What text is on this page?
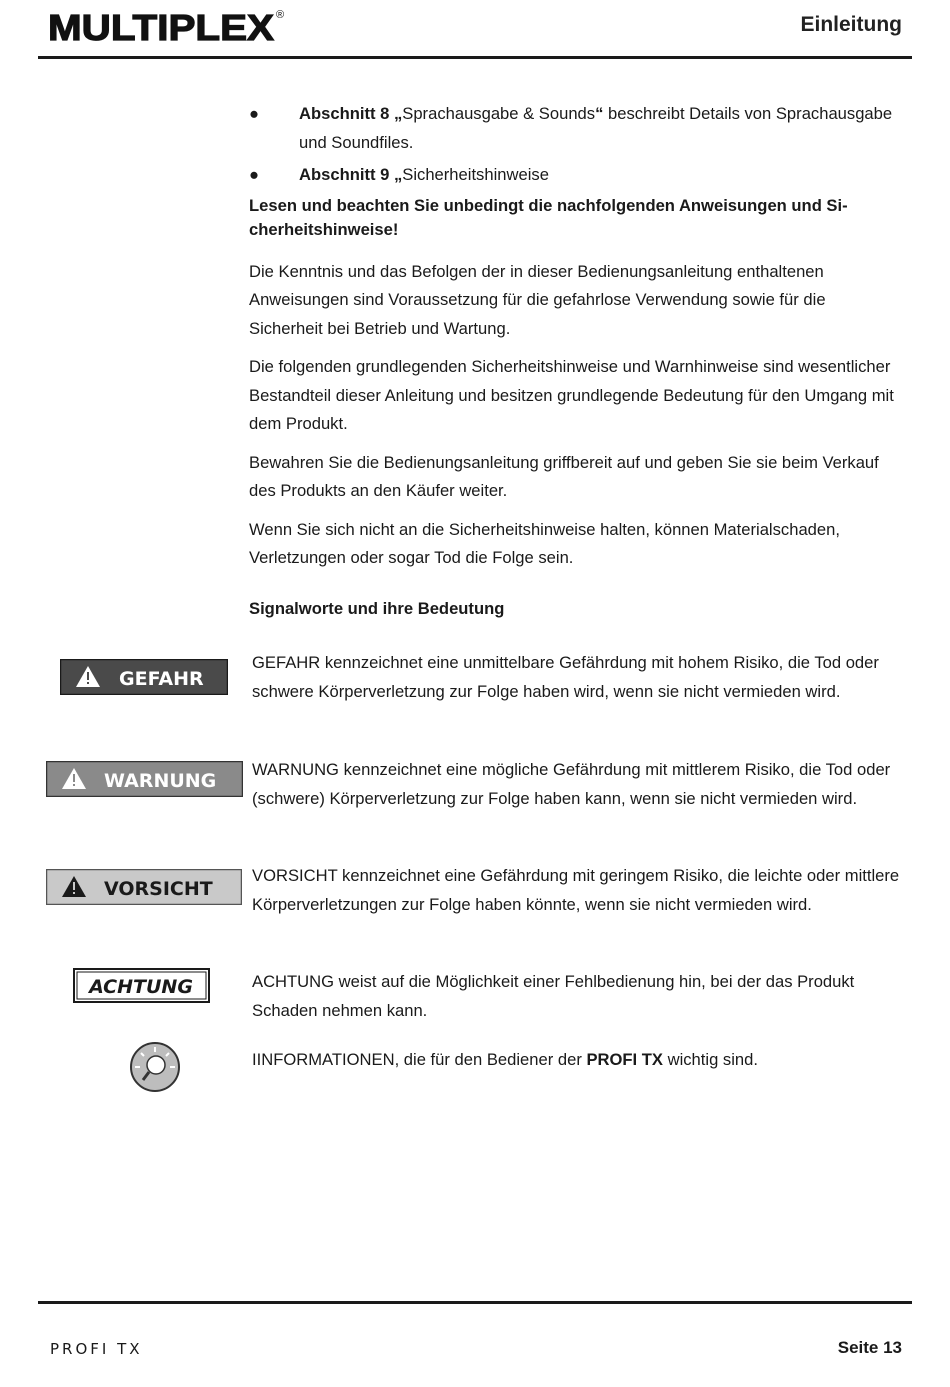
MULTIPLEX ®	Einleitung
● Abschnitt 8 „Sprachausgabe & Sounds“ beschreibt Details von Sprachausgabe und Soundfiles.
● Abschnitt 9 „Sicherheitshinweise
Lesen und beachten Sie unbedingt die nachfolgenden Anweisungen und Si-cherheitshinweise!

Die Kenntnis und das Befolgen der in dieser Bedienungsanleitung enthaltenen Anweisungen sind Voraussetzung für die gefahrlose Verwendung sowie für die Sicherheit bei Betrieb und Wartung.

Die folgenden grundlegenden Sicherheitshinweise und Warnhinweise sind wesentlicher Bestandteil dieser Anleitung und besitzen grundlegende Bedeutung für den Umgang mit dem Produkt.

Bewahren Sie die Bedienungsanleitung griffbereit auf und geben Sie sie beim Verkauf des Produkts an den Käufer weiter.

Wenn Sie sich nicht an die Sicherheitshinweise halten, können Materialschaden, Verletzungen oder sogar Tod die Folge sein.

Signalworte und ihre Bedeutung
GEFAHR
GEFAHR kennzeichnet eine unmittelbare Gefährdung mit hohem Risiko, die Tod oder schwere Körperverletzung zur Folge haben wird, wenn sie nicht vermieden wird.
WARNUNG
WARNUNG kennzeichnet eine mögliche Gefährdung mit mittlerem Risiko, die Tod oder (schwere) Körperverletzung zur Folge haben kann, wenn sie nicht vermieden wird.
VORSICHT
VORSICHT kennzeichnet eine Gefährdung mit geringem Risiko, die leichte oder mittlere Körperverletzungen zur Folge haben könnte, wenn sie nicht vermieden wird.
ACHTUNG	ACHTUNG weist auf die Möglichkeit einer Fehlbedienung hin, bei der das Produkt Schaden nehmen kann.
IINFORMATIONEN, die für den Bediener der PROFI TX wichtig sind.
PROFI TX	Seite 13
